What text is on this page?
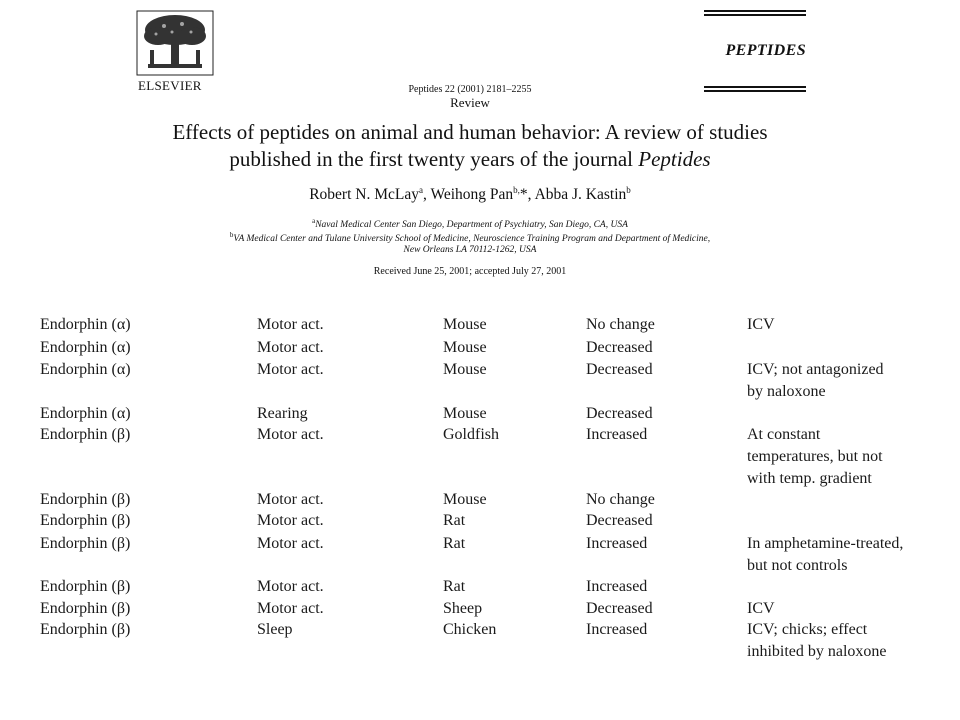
ELSEVIER
PEPTIDES
Peptides 22 (2001) 2181–2255
Review
Effects of peptides on animal and human behavior: A review of studies
published in the first twenty years of the journal Peptides
Robert N. McLay$^a$, Weihong Pan$^{b,}$*, Abba J. Kastin$^b$
$^a$Naval Medical Center San Diego, Department of Psychiatry, San Diego, CA, USA
$^b$VA Medical Center and Tulane University School of Medicine, Neuroscience Training Program and Department of Medicine,
New Orleans LA 70112-1262, USA
Received June 25, 2001; accepted July 27, 2001
Endorphin (α)	Motor act.	Mouse	No change	ICV
Endorphin (α)	Motor act.	Mouse	Decreased
Endorphin (α)	Motor act.	Mouse	Decreased	ICV; not antagonized
by naloxone
Endorphin (α)	Rearing	Mouse	Decreased
Endorphin (β)	Motor act.	Goldfish	Increased	At constant
temperatures, but not
with temp. gradient
Endorphin (β)	Motor act.	Mouse	No change
Endorphin (β)	Motor act.	Rat	Decreased
Endorphin (β)	Motor act.	Rat	Increased	In amphetamine-treated,
but not controls
Endorphin (β)	Motor act.	Rat	Increased
Endorphin (β)	Motor act.	Sheep	Decreased	ICV
Endorphin (β)	Sleep	Chicken	Increased	ICV; chicks; effect
inhibited by naloxone
